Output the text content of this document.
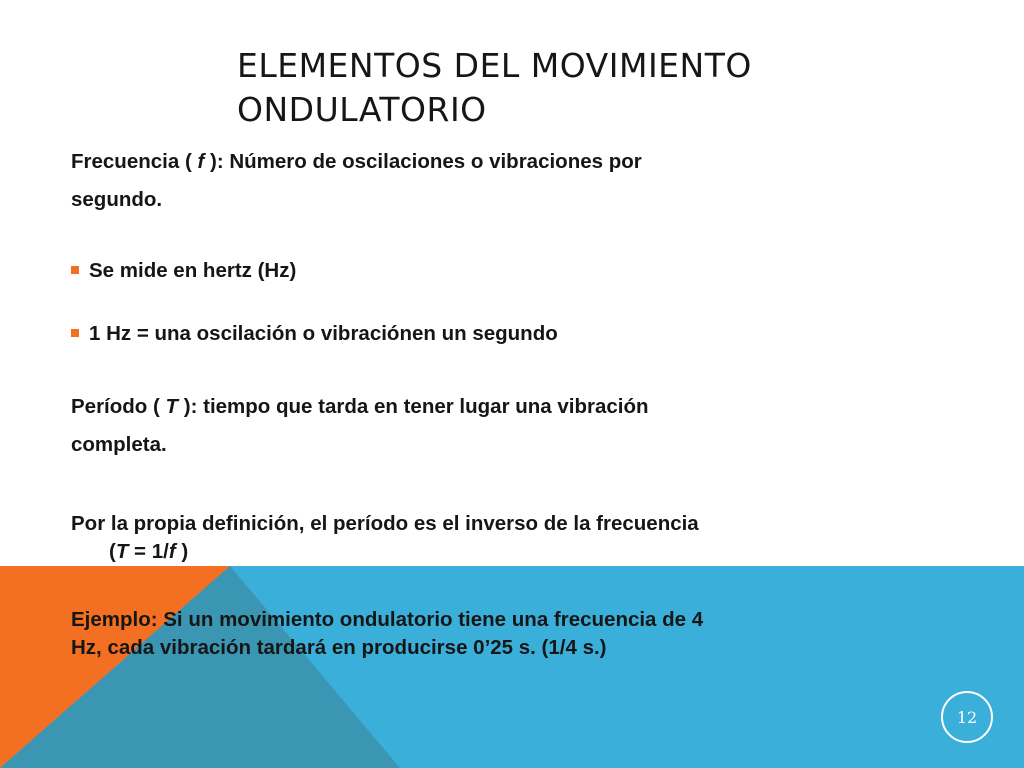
ELEMENTOS DEL MOVIMIENTO
ONDULATORIO

Frecuencia ( f ): Número de oscilaciones o vibraciones por
segundo.

Se mide en hertz (Hz)
1 Hz = una oscilación o vibraciónen un segundo

Período ( T ): tiempo que tarda en tener lugar una vibración
completa.

Por la propia definición, el período es el inverso de la frecuencia
(T = 1/f )

Ejemplo: Si un movimiento ondulatorio tiene una frecuencia de 4
Hz, cada vibración tardará en producirse 0’25 s. (1/4 s.)

12
